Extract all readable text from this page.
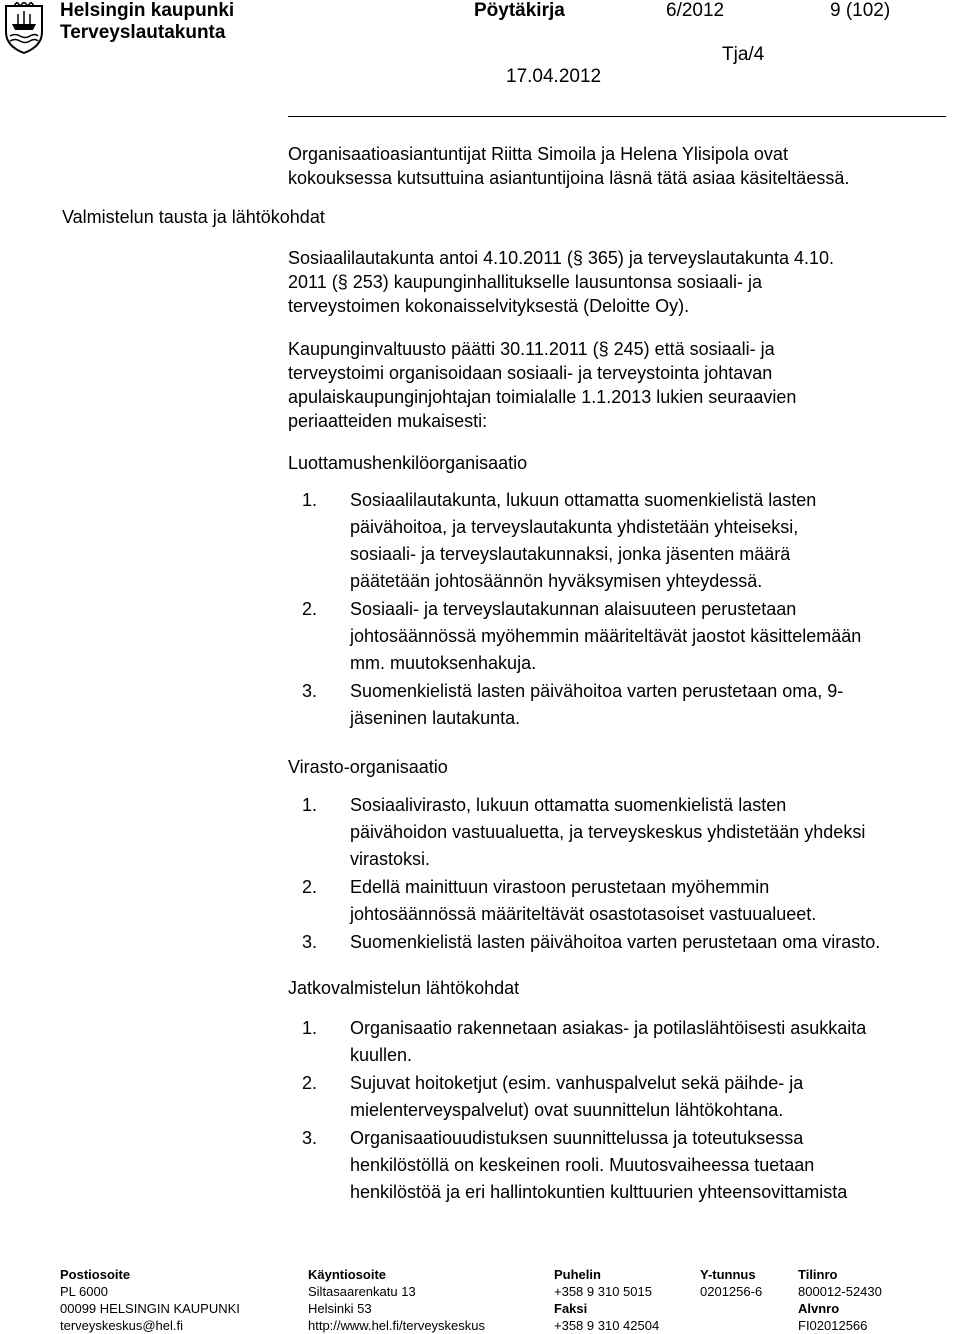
Helsingin kaupunki
Terveyslautakunta
Pöytäkirja	6/2012	9 (102)
Tja/4
17.04.2012
Organisaatioasiantuntijat Riitta Simoila ja Helena Ylisipola ovat
kokouksessa kutsuttuina asiantuntijoina läsnä tätä asiaa käsiteltäessä.
Valmistelun tausta ja lähtökohdat
Sosiaalilautakunta antoi 4.10.2011 (§ 365) ja terveyslautakunta 4.10.
2011 (§ 253) kaupunginhallitukselle lausuntonsa sosiaali- ja
terveystoimen kokonaisselvityksestä (Deloitte Oy).
Kaupunginvaltuusto päätti 30.11.2011 (§ 245) että sosiaali- ja
terveystoimi organisoidaan sosiaali- ja terveystointa johtavan
apulaiskaupunginjohtajan toimialalle 1.1.2013 lukien seuraavien
periaatteiden mukaisesti:
Luottamushenkilöorganisaatio
1. Sosiaalilautakunta, lukuun ottamatta suomenkielistä lasten
päivähoitoa, ja terveyslautakunta yhdistetään yhteiseksi,
sosiaali- ja terveyslautakunnaksi, jonka jäsenten määrä
päätetään johtosäännön hyväksymisen yhteydessä.
2. Sosiaali- ja terveyslautakunnan alaisuuteen perustetaan
johtosäännössä myöhemmin määriteltävät jaostot käsittelemään
mm. muutoksenhakuja.
3. Suomenkielistä lasten päivähoitoa varten perustetaan oma, 9-
jäseninen lautakunta.
Virasto-organisaatio
1. Sosiaalivirasto, lukuun ottamatta suomenkielistä lasten
päivähoidon vastuualuetta, ja terveyskeskus yhdistetään yhdeksi
virastoksi.
2. Edellä mainittuun virastoon perustetaan myöhemmin
johtosäännössä määriteltävät osastotasoiset vastuualueet.
3. Suomenkielistä lasten päivähoitoa varten perustetaan oma virasto.
Jatkovalmistelun lähtökohdat
1. Organisaatio rakennetaan asiakas- ja potilaslähtöisesti asukkaita
kuullen.
2. Sujuvat hoitoketjut (esim. vanhuspalvelut sekä päihde- ja
mielenterveyspalvelut) ovat suunnittelun lähtökohtana.
3. Organisaatiouudistuksen suunnittelussa ja toteutuksessa
henkilöstöllä on keskeinen rooli. Muutosvaiheessa tuetaan
henkilöstöä ja eri hallintokuntien kulttuurien yhteensovittamista
Postiosoite
PL 6000
00099 HELSINGIN KAUPUNKI
terveyskeskus@hel.fi
Käyntiosoite
Siltasaarenkatu 13
Helsinki 53
http://www.hel.fi/terveyskeskus
Puhelin
+358 9 310 5015
Faksi
+358 9 310 42504
Y-tunnus
0201256-6
Tilinro
800012-52430
Alvnro
FI02012566
